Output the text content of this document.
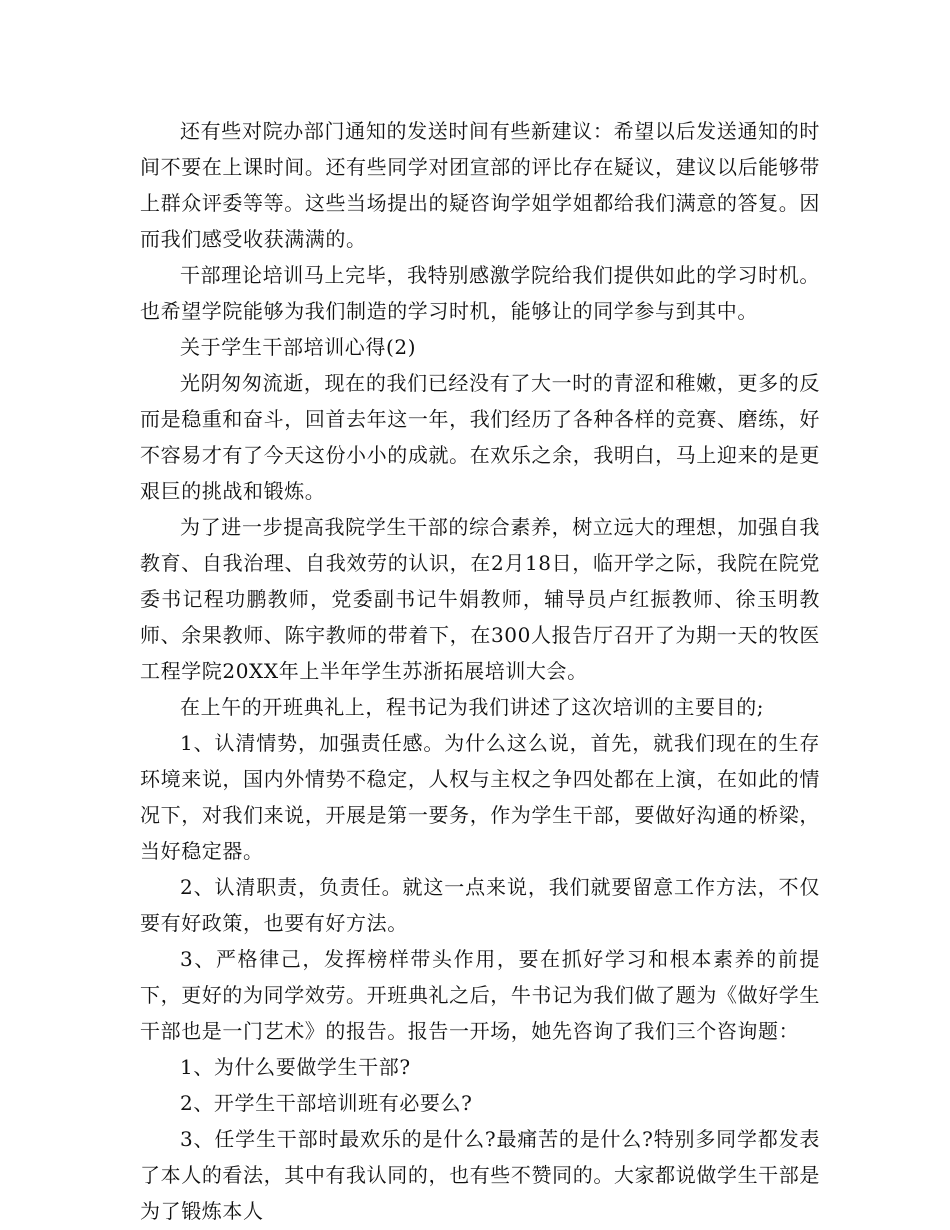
还有些对院办部门通知的发送时间有些新建议：希望以后发送通知的时间不要在上课时间。还有些同学对团宣部的评比存在疑议，建议以后能够带上群众评委等等。这些当场提出的疑咨询学姐学姐都给我们满意的答复。因而我们感受收获满满的。

干部理论培训马上完毕，我特别感激学院给我们提供如此的学习时机。也希望学院能够为我们制造的学习时机，能够让的同学参与到其中。

关于学生干部培训心得(2)

光阴匆匆流逝，现在的我们已经没有了大一时的青涩和稚嫩，更多的反而是稳重和奋斗，回首去年这一年，我们经历了各种各样的竞赛、磨练，好不容易才有了今天这份小小的成就。在欢乐之余，我明白，马上迎来的是更艰巨的挑战和锻炼。

为了进一步提高我院学生干部的综合素养，树立远大的理想，加强自我教育、自我治理、自我效劳的认识，在2月18日，临开学之际，我院在院党委书记程功鹏教师，党委副书记牛娟教师，辅导员卢红振教师、徐玉明教师、余果教师、陈宇教师的带着下，在300人报告厅召开了为期一天的牧医工程学院20XX年上半年学生苏浙拓展培训大会。

在上午的开班典礼上，程书记为我们讲述了这次培训的主要目的;

1、认清情势，加强责任感。为什么这么说，首先，就我们现在的生存环境来说，国内外情势不稳定，人权与主权之争四处都在上演，在如此的情况下，对我们来说，开展是第一要务，作为学生干部，要做好沟通的桥梁，当好稳定器。

2、认清职责，负责任。就这一点来说，我们就要留意工作方法，不仅要有好政策，也要有好方法。

3、严格律己，发挥榜样带头作用，要在抓好学习和根本素养的前提下，更好的为同学效劳。开班典礼之后，牛书记为我们做了题为《做好学生干部也是一门艺术》的报告。报告一开场，她先咨询了我们三个咨询题：

1、为什么要做学生干部?

2、开学生干部培训班有必要么?

3、任学生干部时最欢乐的是什么?最痛苦的是什么?特别多同学都发表了本人的看法，其中有我认同的，也有些不赞同的。大家都说做学生干部是为了锻炼本人
